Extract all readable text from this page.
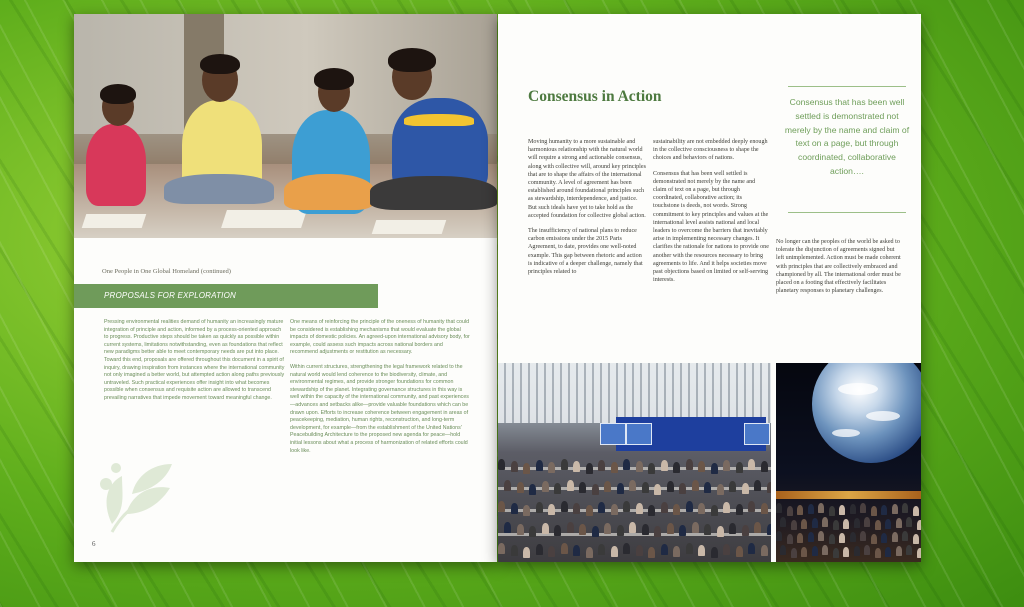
One People in One Global Homeland (continued)
PROPOSALS FOR EXPLORATION

Pressing environmental realities demand of humanity an increasingly mature integration of principle and action, informed by a process-oriented approach to progress. Productive steps should be taken as quickly as possible within current systems, limitations notwithstanding, even as foundations that reflect new paradigms better able to meet contemporary needs are put into place. Toward this end, proposals are offered throughout this document in a spirit of inquiry, drawing inspiration from instances where the international community not only imagined a better world, but attempted action along paths previously untraveled. Such practical experiences offer insight into what becomes possible when consensus and requisite action are allowed to transcend prevailing narratives that impede movement toward meaningful change.

One means of reinforcing the principle of the oneness of humanity that could be considered is establishing mechanisms that would evaluate the global impacts of domestic policies. An agreed-upon international advisory body, for example, could assess such impacts across national borders and recommend adjustments or restitution as necessary.

Within current structures, strengthening the legal framework related to the natural world would lend coherence to the biodiversity, climate, and environmental regimes, and provide stronger foundations for common stewardship of the planet. Integrating governance structures in this way is well within the capacity of the international community, and past experiences—advances and setbacks alike—provide valuable foundations which can be drawn upon. Efforts to increase coherence between engagement in areas of peacekeeping, mediation, human rights, reconstruction, and long-term development, for example—from the establishment of the United Nations' Peacebuilding Architecture to the proposed new agenda for peace—hold initial lessons about what a process of harmonization of related efforts could look like.

6
Consensus in Action	Consensus that has been well settled is demonstrated not merely by the name and claim of text on a page, but through coordinated, collaborative action….

Moving humanity to a more sustainable and harmonious relationship with the natural world will require a strong and actionable consensus, along with collective will, around key principles that are to shape the affairs of the international community. A level of agreement has been established around foundational principles such as stewardship, interdependence, and justice. But such ideals have yet to take hold as the accepted foundation for collective global action.

The insufficiency of national plans to reduce carbon emissions under the 2015 Paris Agreement, to date, provides one well-noted example. This gap between rhetoric and action is indicative of a deeper challenge, namely that principles related to

sustainability are not embedded deeply enough in the collective consciousness to shape the choices and behaviors of nations.

Consensus that has been well settled is demonstrated not merely by the name and claim of text on a page, but through coordinated, collaborative action; its touchstone is deeds, not words. Strong commitment to key principles and values at the international level assists national and local leaders to overcome the barriers that inevitably arise in implementing necessary changes. It clarifies the rationale for nations to provide one another with the resources necessary to bring agreements to life. And it helps societies move past objections based on limited or self-serving interests.

No longer can the peoples of the world be asked to tolerate the disjunction of agreements signed but left unimplemented. Action must be made coherent with principles that are collectively embraced and championed by all. The international order must be placed on a footing that effectively facilitates planetary responses to planetary challenges.
